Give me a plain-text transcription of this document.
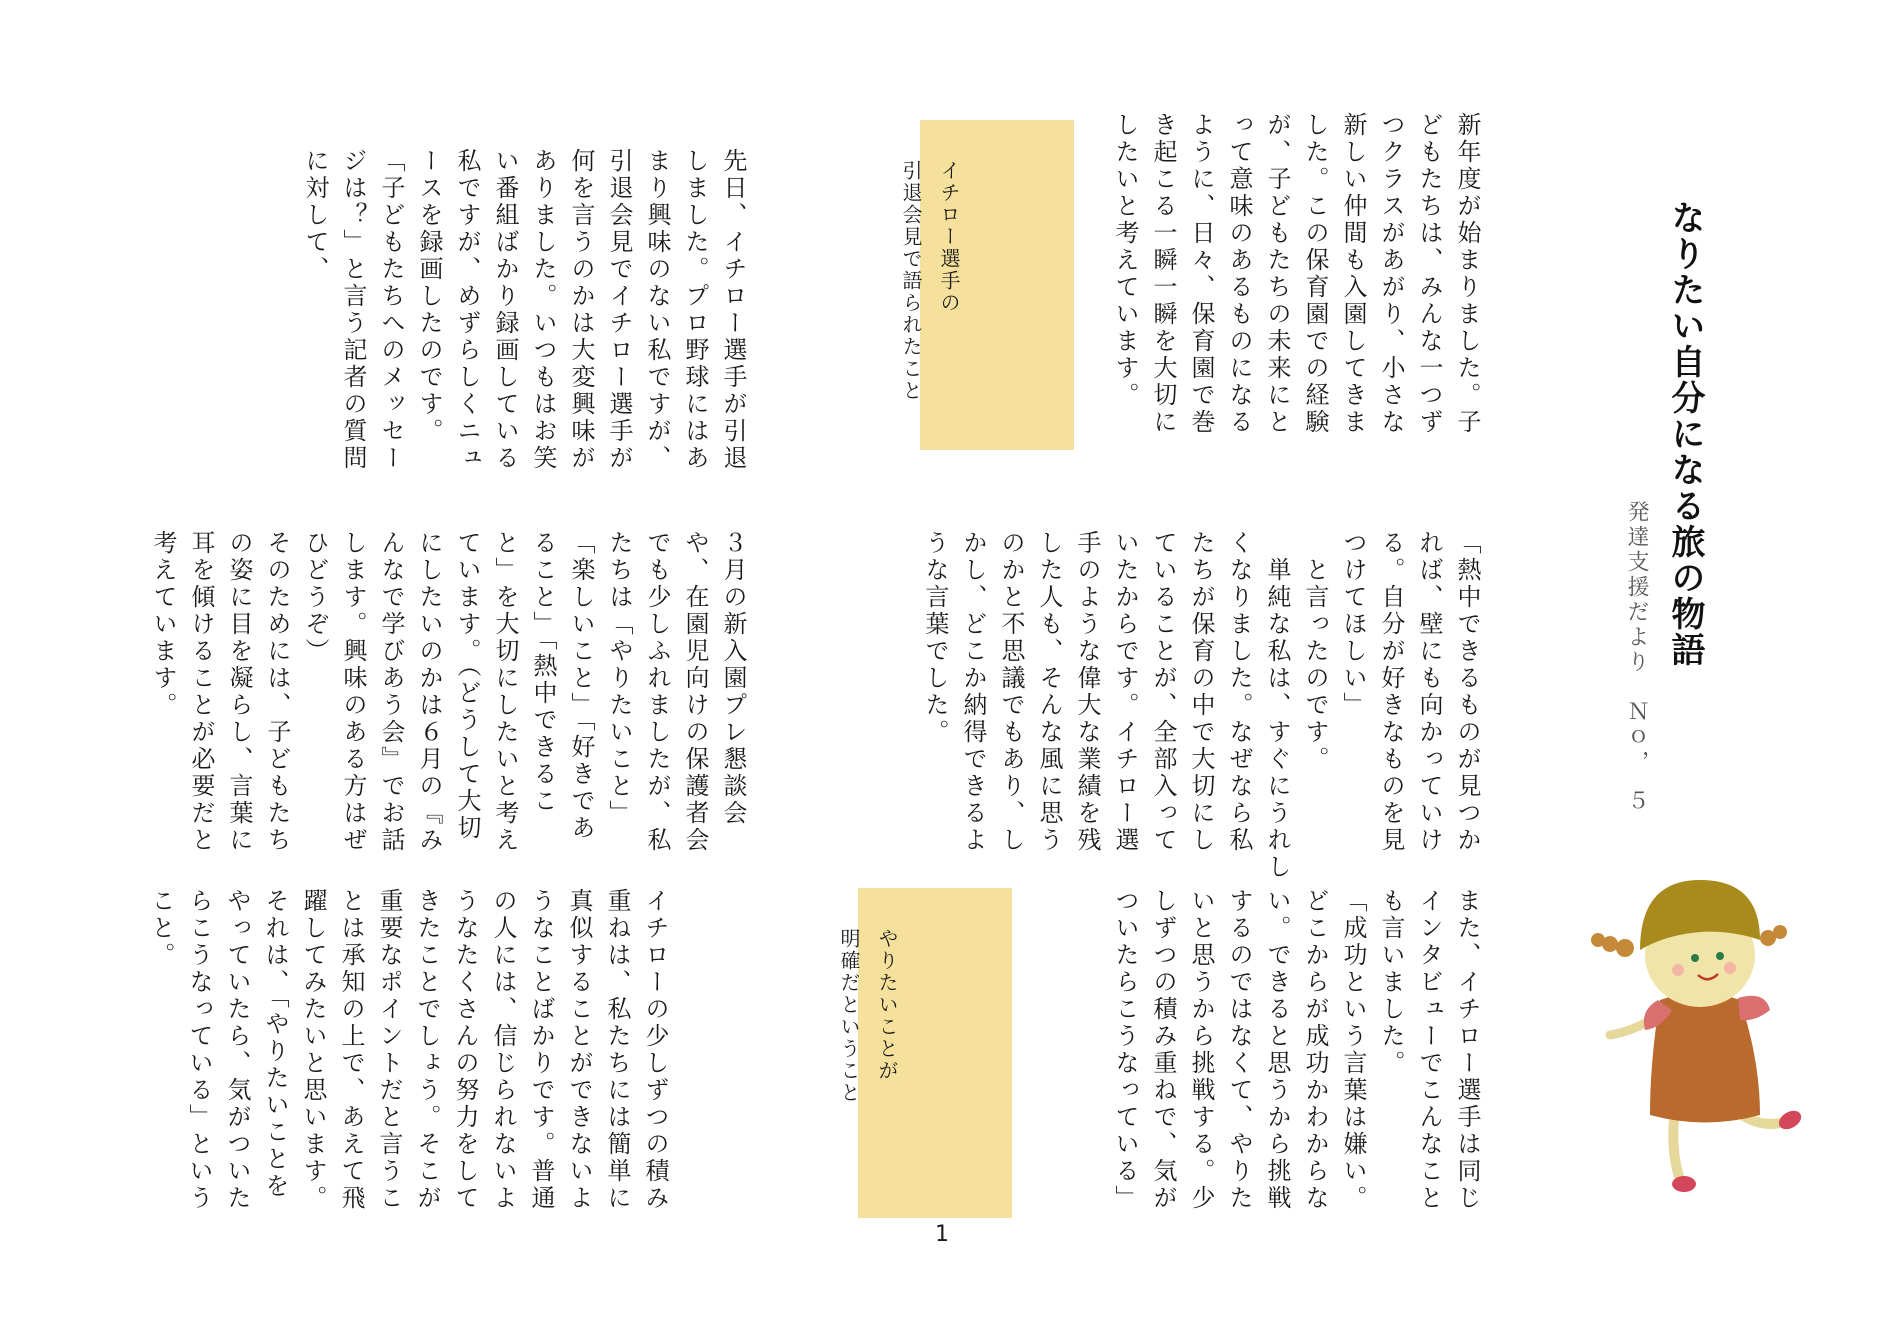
なりたい自分になる旅の物語
発達支援だより　Ｎｏ，　５

新年度が始まりました。子
どもたちは、みんな一つず
つクラスがあがり、小さな
新しい仲間も入園してきま
した。この保育園での経験
が、子どもたちの未来にと
って意味のあるものになる
ように、日々、保育園で巻
き起こる一瞬一瞬を大切に
したいと考えています。

イチロー選手の
引退会見で語られたこと

先日、イチロー選手が引退
しました。プロ野球にはあ
まり興味のない私ですが、
引退会見でイチロー選手が
何を言うのかは大変興味が
ありました。いつもはお笑
い番組ばかり録画している
私ですが、めずらしくニュ
ースを録画したのです。
「子どもたちへのメッセー
ジは？」と言う記者の質問
に対して、

「熱中できるものが見つか
れば、壁にも向かっていけ
る。自分が好きなものを見
つけてほしい」
　と言ったのです。
　単純な私は、すぐにうれし
くなりました。なぜなら私
たちが保育の中で大切にし
ていることが、全部入って
いたからです。イチロー選
手のような偉大な業績を残
した人も、そんな風に思う
のかと不思議でもあり、し
かし、どこか納得できるよ
うな言葉でした。

３月の新入園プレ懇談会
や、在園児向けの保護者会
でも少しふれましたが、私
たちは「やりたいこと」
「楽しいこと」「好きであ
ること」「熱中できるこ
と」を大切にしたいと考え
ています。（どうして大切
にしたいのかは６月の『み
んなで学びあう会』でお話
します。興味のある方はぜ
ひどうぞ）
そのためには、子どもたち
の姿に目を凝らし、言葉に
耳を傾けることが必要だと
考えています。

また、イチロー選手は同じ
インタビューでこんなこと
も言いました。
「成功という言葉は嫌い。
どこからが成功かわからな
い。できると思うから挑戦
するのではなくて、やりた
いと思うから挑戦する。少
しずつの積み重ねで、気が
ついたらこうなっている」

やりたいことが
明確だということ

イチローの少しずつの積み
重ねは、私たちには簡単に
真似することができないよ
うなことばかりです。普通
の人には、信じられないよ
うなたくさんの努力をして
きたことでしょう。そこが
重要なポイントだと言うこ
とは承知の上で、あえて飛
躍してみたいと思います。
それは、「やりたいことを
やっていたら、気がついた
らこうなっている」という
こと。

1
